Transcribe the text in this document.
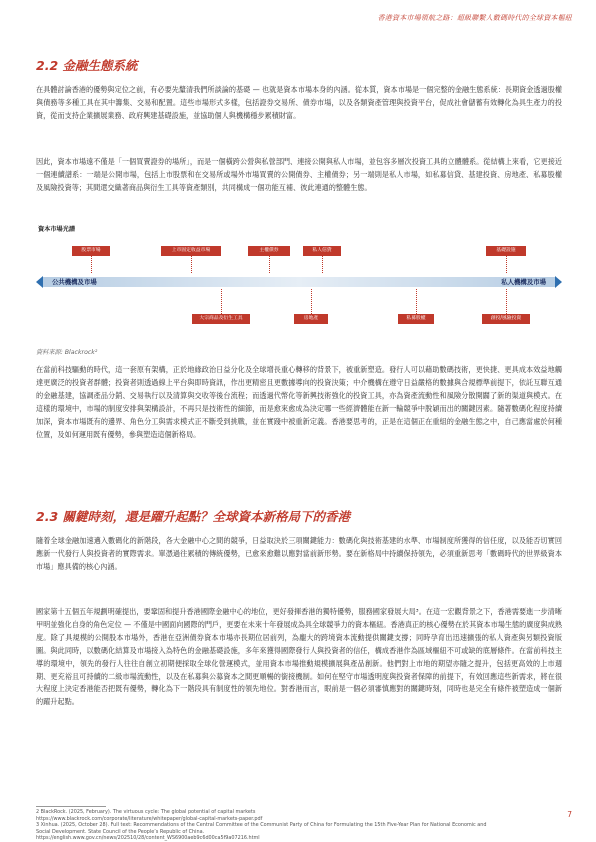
香港資本市場領航之路：超級聯繫人數碼時代的全球資本樞紐
2.2 金融生態系統

在具體討論香港的優勢與定位之前，有必要先釐清我們所談論的基礎 — 也就是資本市場本身的內涵。從本質，資本市場是一個完整的金融生態系統：長期資金透過股權與債務等多種工具在其中籌集、交易和配置。這些市場形式多樣，包括證券交易所、債券市場，以及各類資產管理與投資平台，促成社會儲蓄有效轉化為具生產力的投資，從而支持企業擴展業務、政府興建基礎設施，並協助個人與機構穩步累積財富。

因此，資本市場遠不僅是「一個買賣證券的場所」，而是一個橫跨公營與私營部門、連接公開與私人市場，並包容多層次投資工具的立體體系。從結構上來看，它更接近一個連續譜系：一端是公開市場，包括上市股票和在交易所或場外市場買賣的公開債券、主權債券；另一端則是私人市場，如私募信貸、基建投資、房地產、私募股權及風險投資等；其間還交織著商品與衍生工具等資產類別，共同構成一個功能互補、彼此連通的整體生態。

資本市場光譜
股票市場	上市固定收益市場	主權債券	私人信貸	基礎設施
公共機構及市場	私人機構及市場
大宗商品及衍生工具	房地產	私募股權	創投/風險投資
資料來源: Blackrock²

在當前科技驅動的時代，這一套原有架構，正於地緣政治日益分化及全球增長重心轉移的背景下，被重新塑造。發行人可以藉助數碼技術，更快捷、更具成本效益地觸達更廣泛的投資者群體；投資者則透過線上平台與即時資訊，作出更精密且更數據導向的投資決策；中介機構在遵守日益嚴格的數據與合規標準前提下，依託互聯互通的金融基建，協調產品分銷、交易執行以及清算與交收等後台流程；而透過代幣化等新興技術強化的投資工具，亦為資產流動性和風險分散開闢了新的渠道與模式。在這樣的環境中，市場的制度安排與架構設計，不再只是技術性的細節，而是愈來愈成為決定哪一些經濟體能在新一輪競爭中脫穎而出的關鍵因素。隨著數碼化程度持續加深，資本市場既有的邊界、角色分工與需求模式正不斷受到挑戰，並在實踐中被重新定義。香港要思考的，正是在這個正在重組的金融生態之中，自己應當處於何種位置，及如何運用既有優勢，參與塑造這個新格局。

2.3 關鍵時刻，還是躍升起點？全球資本新格局下的香港

隨着全球金融加速邁入數碼化的新階段，各大金融中心之間的競爭，日益取決於三項關鍵能力：數碼化與技術基建的水準、市場制度所獲得的信任度，以及能否切實回應新一代發行人與投資者的實際需求。單憑過往累積的傳統優勢，已愈來愈難以應對當前新形勢。要在新格局中持續保持領先，必須重新思考「數碼時代的世界級資本市場」應具備的核心內涵。

國家第十五個五年規劃明確提出，要鞏固和提升香港國際金融中心的地位，更好發揮香港的獨特優勢，服務國家發展大局³。在這一宏觀背景之下，香港需要進一步清晰甲明並強化自身的角色定位 — 不僅是中國面向國際的門戶，更要在未來十年發展成為具全球競爭力的資本樞紐。香港真正的核心優勢在於其資本市場生態的廣度與成熟度。除了具規模的公開股本市場外，香港在亞洲債券資本市場亦長期位居前列，為龐大的跨境資本流動提供關鍵支撐；同時孕育出迅速擴張的私人資產與另類投資版圖。與此同時，以數碼化結算及市場接入為特色的金融基礎設施，多年來獲得國際發行人與投資者的信任，構成香港作為區域樞紐不可或缺的底層條件。在當前科技主導的環境中，領先的發行人往往自創立初期便採取全球化營運模式，並用資本市場推動規模擴展與產品創新。他們對上市地的期望亦隨之提升，包括更高效的上市週期、更充裕且可持續的二級市場流動性，以及在私募與公募資本之間更順暢的銜接機制。如何在堅守市場透明度與投資者保障的前提下，有效回應這些新需求，將在很大程度上決定香港能否把既有優勢，轉化為下一階段具有制度性的領先地位。對香港而言，眼前是一個必須審慎應對的關鍵時刻，同時也是完全有條件被塑造成一個新的躍升起點。

2 BlackRock. (2025, February). The virtuous cycle: The global potential of capital markets
https://www.blackrock.com/corporate/literature/whitepaper/global-capital-markets-paper.pdf
3 Xinhua. (2025, October 28). Full text: Recommendations of the Central Committee of the Communist Party of China for Formulating the 15th Five-Year Plan for National Economic and
Social Development. State Council of the People’s Republic of China.
https://english.www.gov.cn/news/202510/28/content_WS6900aeb9c6d00ca5f9a07216.html
7
